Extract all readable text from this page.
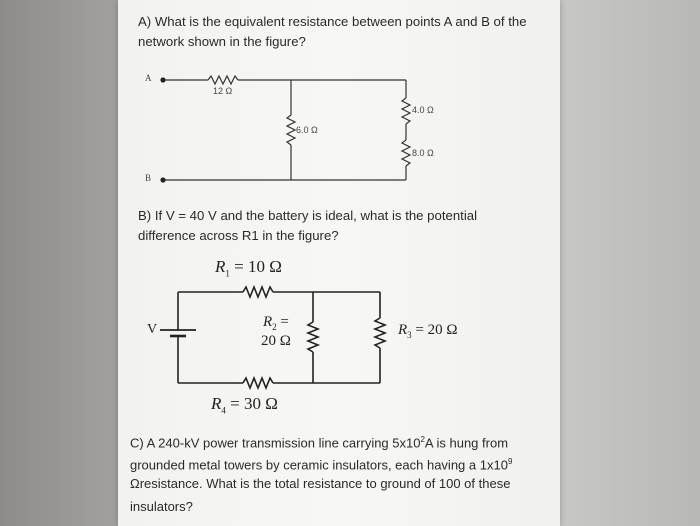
A) What is the equivalent resistance between points A and B of the
network shown in the figure?
A
B
12 Ω
6.0 Ω
4.0 Ω
8.0 Ω
B) If V = 40 V and the battery is ideal, what is the potential
difference across R1 in the figure?
$R_1 = 10$ Ω
$R_2$ =
20 Ω
$R_3 = 20$ Ω
$R_4 = 30$ Ω
V
C) A 240-kV power transmission line carrying $5x10^2A$ is hung from
grounded metal towers by ceramic insulators, each having a $1x10^9$
Ωresistance. What is the total resistance to ground of 100 of these
insulators?
